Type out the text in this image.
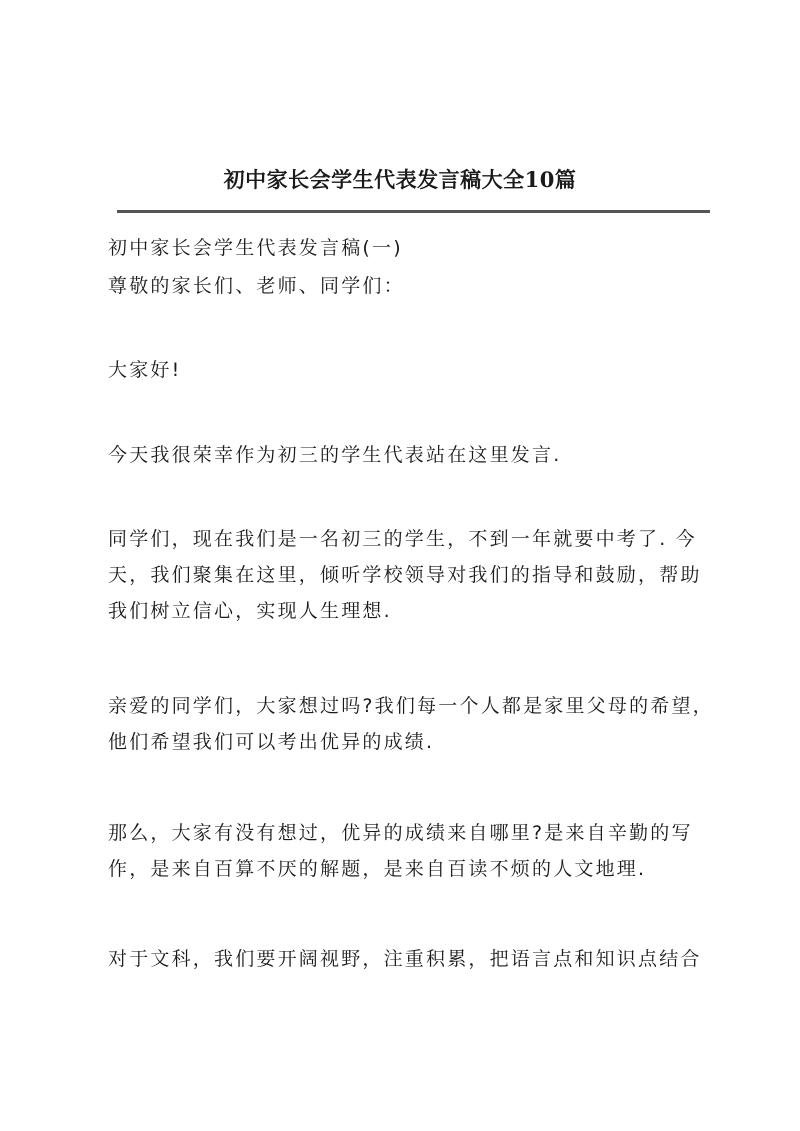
初中家长会学生代表发言稿大全10篇
初中家长会学生代表发言稿(一)
尊敬的家长们、老师、同学们：
大家好!
今天我很荣幸作为初三的学生代表站在这里发言.
同学们，现在我们是一名初三的学生，不到一年就要中考了. 今
天，我们聚集在这里，倾听学校领导对我们的指导和鼓励，帮助
我们树立信心，实现人生理想.
亲爱的同学们，大家想过吗?我们每一个人都是家里父母的希望，
他们希望我们可以考出优异的成绩.
那么，大家有没有想过，优异的成绩来自哪里?是来自辛勤的写
作，是来自百算不厌的解题，是来自百读不烦的人文地理.
对于文科，我们要开阔视野，注重积累，把语言点和知识点结合
